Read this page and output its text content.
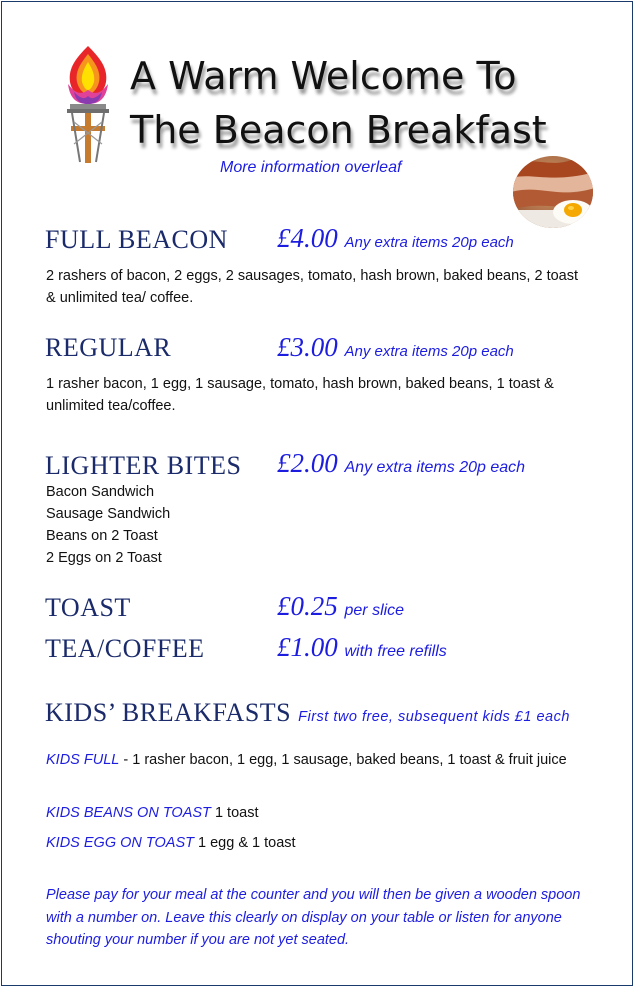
A Warm Welcome To
The Beacon Breakfast
More information overleaf
FULL BEACON £4.00 Any extra items 20p each
2 rashers of bacon, 2 eggs, 2 sausages, tomato, hash brown, baked beans, 2 toast & unlimited tea/ coffee.
REGULAR	£3.00 Any extra items 20p each
1 rasher bacon, 1 egg, 1 sausage, tomato, hash brown, baked beans, 1 toast & unlimited tea/coffee.
LIGHTER BITES £2.00 Any extra items 20p each
Bacon Sandwich
Sausage Sandwich
Beans on 2 Toast
2 Eggs on 2 Toast
TOAST	£0.25 per slice
TEA/COFFEE	£1.00 with free refills
KIDS’ BREAKFASTS First two free, subsequent kids £1 each
KIDS FULL - 1 rasher bacon, 1 egg, 1 sausage, baked beans, 1 toast & fruit juice
KIDS BEANS ON TOAST 1 toast
KIDS EGG ON TOAST 1 egg & 1 toast
Please pay for your meal at the counter and you will then be given a wooden spoon with a number on. Leave this clearly on display on your table or listen for anyone shouting your number if you are not yet seated.
